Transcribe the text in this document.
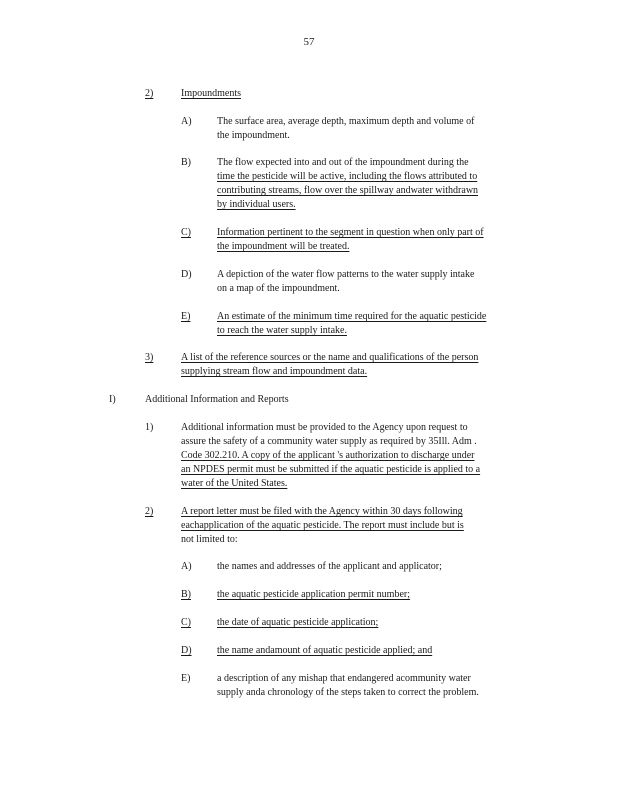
57
2)	Impoundments
A)	The surface area, average depth, maximum depth and volume of
the impoundment.
B)	The flow expected into and out of the impoundment during the
time the pesticide will be active, including the flows attributed to
contributing streams, flow over the spillway andwater withdrawn
by individual users.
C)	Information pertinent to the segment in question when only part of
the impoundment will be treated.
D)	A depiction of the water flow patterns to the water supply intake
on a map of the impoundment.
E)	An estimate of the minimum time required for the aquatic pesticide
to reach the water supply intake.
3)	A list of the reference sources or the name and qualifications of the person
supplying stream flow and impoundment data.
I)	Additional Information and Reports
1)	Additional information must be provided to the Agency upon request to
assure the safety of a community water supply as required by 35Ill. Adm .
Code 302.210. A copy of the applicant 's authorization to discharge under
an NPDES permit must be submitted if the aquatic pesticide is applied to a
water of the United States.
2)	A report letter must be filed with the Agency within 30 days following
eachapplication of the aquatic pesticide. The report must include but is
not limited to:
A)	the names and addresses of the applicant and applicator;
B)	the aquatic pesticide application permit number;
C)	the date of aquatic pesticide application;
D)	the name andamount of aquatic pesticide applied; and
E)	a description of any mishap that endangered acommunity water
supply anda chronology of the steps taken to correct the problem.
